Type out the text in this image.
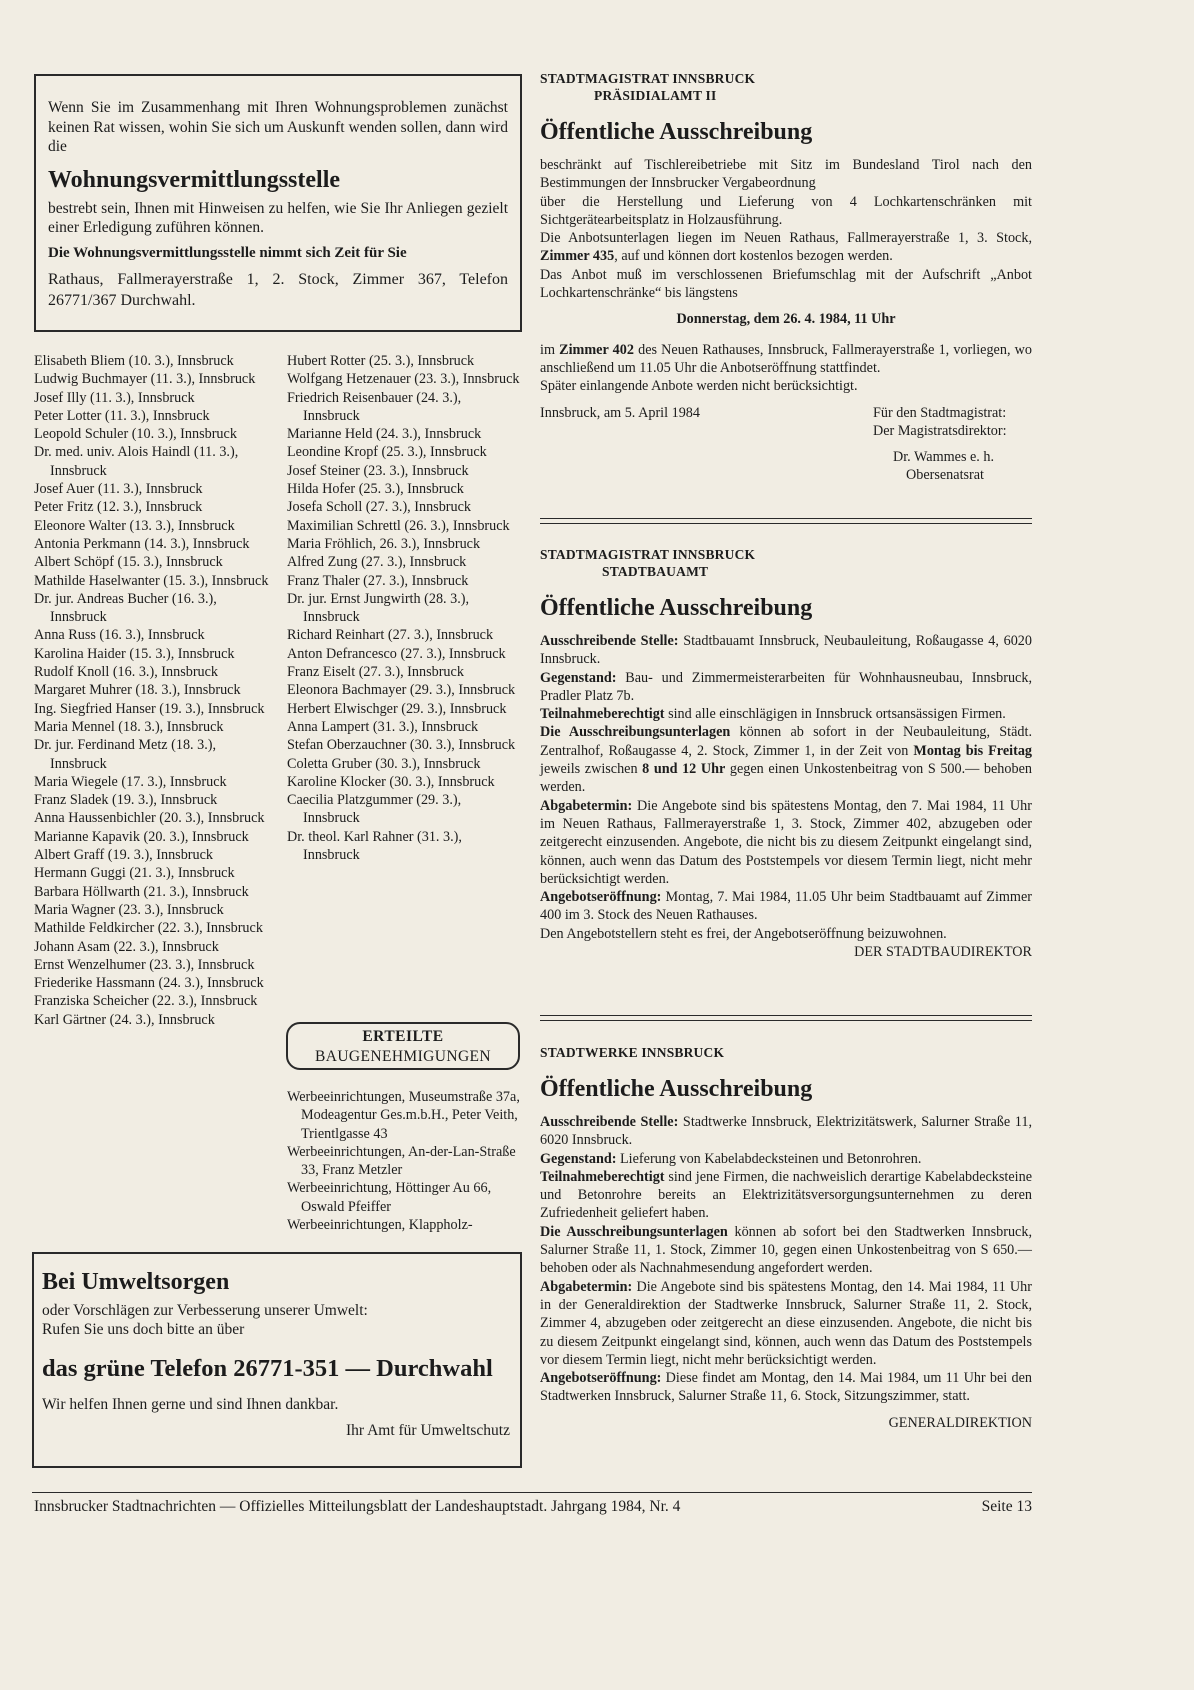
Wenn Sie im Zusammenhang mit Ihren Wohnungsproblemen zunächst keinen Rat wissen, wohin Sie sich um Auskunft wenden sollen, dann wird die

Wohnungsvermittlungsstelle

bestrebt sein, Ihnen mit Hinweisen zu helfen, wie Sie Ihr Anliegen gezielt einer Erledigung zuführen können.

Die Wohnungsvermittlungsstelle nimmt sich Zeit für Sie

Rathaus, Fallmerayerstraße 1, 2. Stock, Zimmer 367, Telefon 26771/367 Durchwahl.

Elisabeth Bliem (10. 3.), Innsbruck
Ludwig Buchmayer (11. 3.), Innsbruck
Josef Illy (11. 3.), Innsbruck
Peter Lotter (11. 3.), Innsbruck
Leopold Schuler (10. 3.), Innsbruck
Dr. med. univ. Alois Haindl (11. 3.), Innsbruck
Josef Auer (11. 3.), Innsbruck
Peter Fritz (12. 3.), Innsbruck
Eleonore Walter (13. 3.), Innsbruck
Antonia Perkmann (14. 3.), Innsbruck
Albert Schöpf (15. 3.), Innsbruck
Mathilde Haselwanter (15. 3.), Innsbruck
Dr. jur. Andreas Bucher (16. 3.), Innsbruck
Anna Russ (16. 3.), Innsbruck
Karolina Haider (15. 3.), Innsbruck
Rudolf Knoll (16. 3.), Innsbruck
Margaret Muhrer (18. 3.), Innsbruck
Ing. Siegfried Hanser (19. 3.), Innsbruck
Maria Mennel (18. 3.), Innsbruck
Dr. jur. Ferdinand Metz (18. 3.), Innsbruck
Maria Wiegele (17. 3.), Innsbruck
Franz Sladek (19. 3.), Innsbruck
Anna Haussenbichler (20. 3.), Innsbruck
Marianne Kapavik (20. 3.), Innsbruck
Albert Graff (19. 3.), Innsbruck
Hermann Guggi (21. 3.), Innsbruck
Barbara Höllwarth (21. 3.), Innsbruck
Maria Wagner (23. 3.), Innsbruck
Mathilde Feldkircher (22. 3.), Innsbruck
Johann Asam (22. 3.), Innsbruck
Ernst Wenzelhumer (23. 3.), Innsbruck
Friederike Hassmann (24. 3.), Innsbruck
Franziska Scheicher (22. 3.), Innsbruck
Karl Gärtner (24. 3.), Innsbruck
Hubert Rotter (25. 3.), Innsbruck
Wolfgang Hetzenauer (23. 3.), Innsbruck
Friedrich Reisenbauer (24. 3.), Innsbruck
Marianne Held (24. 3.), Innsbruck
Leondine Kropf (25. 3.), Innsbruck
Josef Steiner (23. 3.), Innsbruck
Hilda Hofer (25. 3.), Innsbruck
Josefa Scholl (27. 3.), Innsbruck
Maximilian Schrettl (26. 3.), Innsbruck
Maria Fröhlich, 26. 3.), Innsbruck
Alfred Zung (27. 3.), Innsbruck
Franz Thaler (27. 3.), Innsbruck
Dr. jur. Ernst Jungwirth (28. 3.), Innsbruck
Richard Reinhart (27. 3.), Innsbruck
Anton Defrancesco (27. 3.), Innsbruck
Franz Eiselt (27. 3.), Innsbruck
Eleonora Bachmayer (29. 3.), Innsbruck
Herbert Elwischger (29. 3.), Innsbruck
Anna Lampert (31. 3.), Innsbruck
Stefan Oberzauchner (30. 3.), Innsbruck
Coletta Gruber (30. 3.), Innsbruck
Karoline Klocker (30. 3.), Innsbruck
Caecilia Platzgummer (29. 3.), Innsbruck
Dr. theol. Karl Rahner (31. 3.), Innsbruck
ERTEILTE
BAUGENEHMIGUNGEN
Werbeeinrichtungen, Museumstraße 37a, Modeagentur Ges.m.b.H., Peter Veith, Trientlgasse 43
Werbeeinrichtungen, An-der-Lan-Straße 33, Franz Metzler
Werbeeinrichtung, Höttinger Au 66, Oswald Pfeiffer
Werbeeinrichtungen, Klappholz-

Bei Umweltsorgen

oder Vorschlägen zur Verbesserung unserer Umwelt:

Rufen Sie uns doch bitte an über

das grüne Telefon 26771-351 — Durchwahl

Wir helfen Ihnen gerne und sind Ihnen dankbar.

Ihr Amt für Umweltschutz

STADTMAGISTRAT INNSBRUCK

PRÄSIDIALAMT II

Öffentliche Ausschreibung

beschränkt auf Tischlereibetriebe mit Sitz im Bundesland Tirol nach den Bestimmungen der Innsbrucker Vergabeordnung

über die Herstellung und Lieferung von 4 Lochkartenschränken mit Sichtgerätearbeitsplatz in Holzausführung.

Die Anbotsunterlagen liegen im Neuen Rathaus, Fallmerayerstraße 1, 3. Stock, Zimmer 435, auf und können dort kostenlos bezogen werden.

Das Anbot muß im verschlossenen Briefumschlag mit der Aufschrift „Anbot Lochkartenschränke“ bis längstens

Donnerstag, dem 26. 4. 1984, 11 Uhr

im Zimmer 402 des Neuen Rathauses, Innsbruck, Fallmerayerstraße 1, vorliegen, wo anschließend um 11.05 Uhr die Anbotseröffnung stattfindet.

Später einlangende Anbote werden nicht berücksichtigt.

Innsbruck, am 5. April 1984	Für den Stadtmagistrat:

Der Magistratsdirektor:

Dr. Wammes e. h.

Obersenatsrat

STADTMAGISTRAT INNSBRUCK

STADTBAUAMT

Öffentliche Ausschreibung

Ausschreibende Stelle: Stadtbauamt Innsbruck, Neubauleitung, Roßaugasse 4, 6020 Innsbruck.

Gegenstand: Bau- und Zimmermeisterarbeiten für Wohnhausneubau, Innsbruck, Pradler Platz 7b.

Teilnahmeberechtigt sind alle einschlägigen in Innsbruck ortsansässigen Firmen.

Die Ausschreibungsunterlagen können ab sofort in der Neubauleitung, Städt. Zentralhof, Roßaugasse 4, 2. Stock, Zimmer 1, in der Zeit von Montag bis Freitag jeweils zwischen 8 und 12 Uhr gegen einen Unkostenbeitrag von S 500.— behoben werden.

Abgabetermin: Die Angebote sind bis spätestens Montag, den 7. Mai 1984, 11 Uhr im Neuen Rathaus, Fallmerayerstraße 1, 3. Stock, Zimmer 402, abzugeben oder zeitgerecht einzusenden. Angebote, die nicht bis zu diesem Zeitpunkt eingelangt sind, können, auch wenn das Datum des Poststempels vor diesem Termin liegt, nicht mehr berücksichtigt werden.

Angebotseröffnung: Montag, 7. Mai 1984, 11.05 Uhr beim Stadtbauamt auf Zimmer 400 im 3. Stock des Neuen Rathauses.

Den Angebotstellern steht es frei, der Angebotseröffnung beizuwohnen.

DER STADTBAUDIREKTOR

STADTWERKE INNSBRUCK

Öffentliche Ausschreibung

Ausschreibende Stelle: Stadtwerke Innsbruck, Elektrizitätswerk, Salurner Straße 11, 6020 Innsbruck.

Gegenstand: Lieferung von Kabelabdecksteinen und Betonrohren.

Teilnahmeberechtigt sind jene Firmen, die nachweislich derartige Kabelabdecksteine und Betonrohre bereits an Elektrizitätsversorgungsunternehmen zu deren Zufriedenheit geliefert haben.

Die Ausschreibungsunterlagen können ab sofort bei den Stadtwerken Innsbruck, Salurner Straße 11, 1. Stock, Zimmer 10, gegen einen Unkostenbeitrag von S 650.— behoben oder als Nachnahmesendung angefordert werden.

Abgabetermin: Die Angebote sind bis spätestens Montag, den 14. Mai 1984, 11 Uhr in der Generaldirektion der Stadtwerke Innsbruck, Salurner Straße 11, 2. Stock, Zimmer 4, abzugeben oder zeitgerecht an diese einzusenden. Angebote, die nicht bis zu diesem Zeitpunkt eingelangt sind, können, auch wenn das Datum des Poststempels vor diesem Termin liegt, nicht mehr berücksichtigt werden.

Angebotseröffnung: Diese findet am Montag, den 14. Mai 1984, um 11 Uhr bei den Stadtwerken Innsbruck, Salurner Straße 11, 6. Stock, Sitzungszimmer, statt.

GENERALDIREKTION

Innsbrucker Stadtnachrichten — Offizielles Mitteilungsblatt der Landeshauptstadt. Jahrgang 1984, Nr. 4	Seite 13
